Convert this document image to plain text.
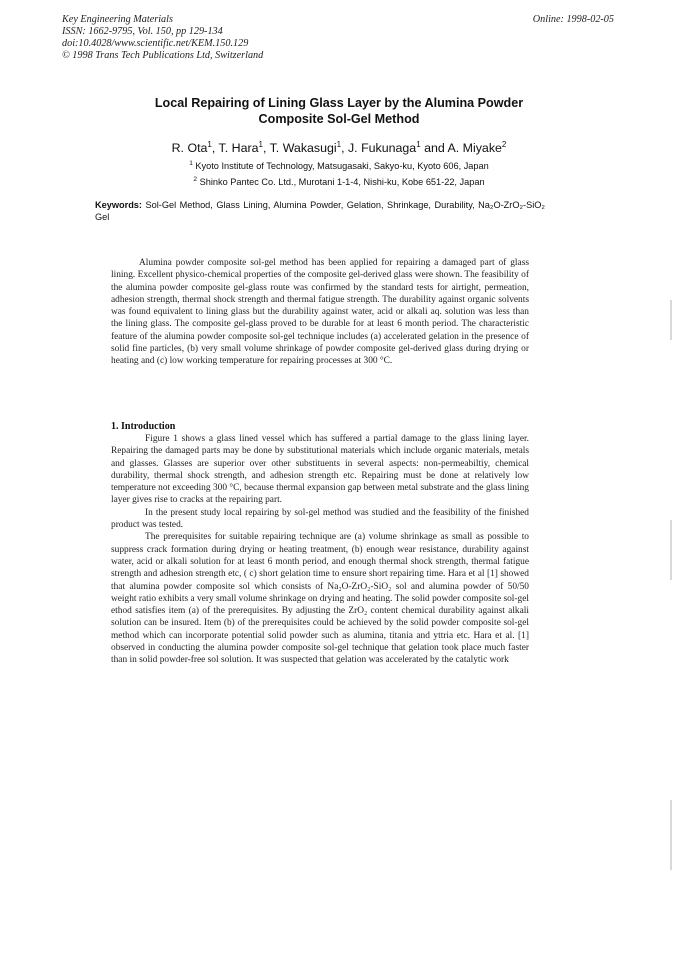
Key Engineering Materials
ISSN: 1662-9795, Vol. 150, pp 129-134
doi:10.4028/www.scientific.net/KEM.150.129
© 1998 Trans Tech Publications Ltd, Switzerland
Online: 1998-02-05
Local Repairing of Lining Glass Layer by the Alumina Powder
Composite Sol-Gel Method
R. Ota$^1$, T. Hara$^1$, T. Wakasugi$^1$, J. Fukunaga$^1$ and A. Miyake$^2$
$^1$ Kyoto Institute of Technology, Matsugasaki, Sakyo-ku, Kyoto 606, Japan
$^2$ Shinko Pantec Co. Ltd., Murotani 1-1-4, Nishi-ku, Kobe 651-22, Japan
Keywords: Sol-Gel Method, Glass Lining, Alumina Powder, Gelation, Shrinkage, Durability, Na₂O-ZrO₂-SiO₂ Gel
Alumina powder composite sol-gel method has been applied for repairing a damaged part of glass lining. Excellent physico-chemical properties of the composite gel-derived glass were shown. The feasibility of the alumina powder composite gel-glass route was confirmed by the standard tests for airtight, permeation, adhesion strength, thermal shock strength and thermal fatigue strength. The durability against organic solvents was found equivalent to lining glass but the durability against water, acid or alkali aq. solution was less than the lining glass. The composite gel-glass proved to be durable for at least 6 month period. The characteristic feature of the alumina powder composite sol-gel technique includes (a) accelerated gelation in the presence of solid fine particles, (b) very small volume shrinkage of powder composite gel-derived glass during drying or heating and (c) low working temperature for repairing processes at 300 °C.
1. Introduction

Figure 1 shows a glass lined vessel which has suffered a partial damage to the glass lining layer. Repairing the damaged parts may be done by substitutional materials which include organic materials, metals and glasses. Glasses are superior over other substituents in several aspects: non-permeabiltiy, chemical durability, thermal shock strength, and adhesion strength etc. Repairing must be done at relatively low temperature not exceeding 300 °C, because thermal expansion gap between metal substrate and the glass lining layer gives rise to cracks at the repairing part.

In the present study local repairing by sol-gel method was studied and the feasibility of the finished product was tested.

The prerequisites for suitable repairing technique are (a) volume shrinkage as small as possible to suppress crack formation during drying or heating treatment, (b) enough wear resistance, durability against water, acid or alkali solution for at least 6 month period, and enough thermal shock strength, thermal fatigue strength and adhesion strength etc, ( c) short gelation time to ensure short repairing time. Hara et al [1] showed that alumina powder composite sol which consists of Na₂O-ZrO₂-SiO₂ sol and alumina powder of 50/50 weight ratio exhibits a very small volume shrinkage on drying and heating. The solid powder composite sol-gel ethod satisfies item (a) of the prerequisites. By adjusting the ZrO₂ content chemical durability against alkali solution can be insured. Item (b) of the prerequisites could be achieved by the solid powder composite sol-gel method which can incorporate potential solid powder such as alumina, titania and yttria etc. Hara et al. [1] observed in conducting the alumina powder composite sol-gel technique that gelation took place much faster than in solid powder-free sol solution. It was suspected that gelation was accelerated by the catalytic work
